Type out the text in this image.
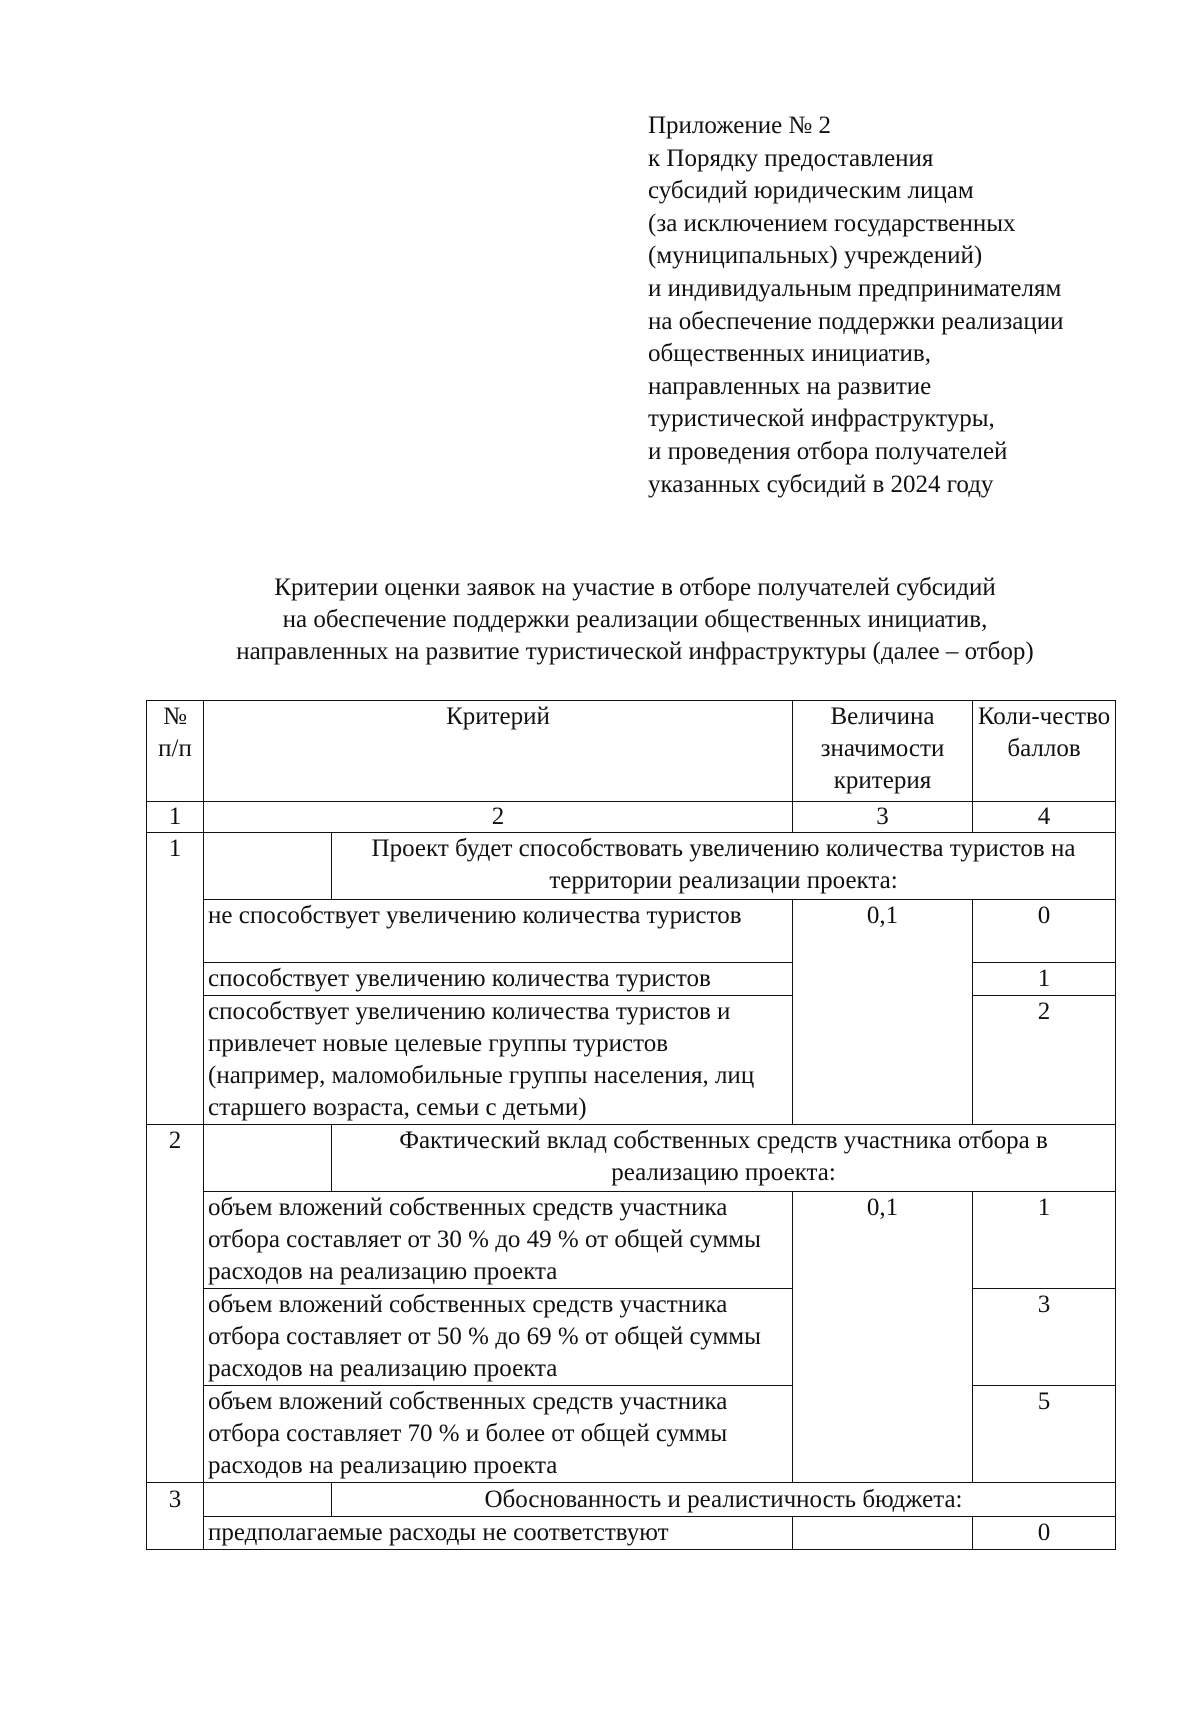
Приложение № 2
к Порядку предоставления
субсидий юридическим лицам
(за исключением государственных
(муниципальных) учреждений)
и индивидуальным предпринимателям
на обеспечение поддержки реализации
общественных инициатив,
направленных на развитие
туристической инфраструктуры,
и проведения отбора получателей
указанных субсидий в 2024 году
Критерии оценки заявок на участие в отборе получателей субсидий
на обеспечение поддержки реализации общественных инициатив,
направленных на развитие туристической инфраструктуры (далее – отбор)
№ п/п	Критерий		Величина значимости критерия	Коли-чество баллов
1	2		3	4
1		Проект будет способствовать увеличению количества туристов на территории реализации проекта:		
	не способствует увеличению количества туристов		0,1	0
	способствует увеличению количества туристов			1
	способствует увеличению количества туристов и привлечет новые целевые группы туристов (например, маломобильные группы населения, лиц старшего возраста, семьи с детьми)			2
2		Фактический вклад собственных средств участника отбора в реализацию проекта:		
	объем вложений собственных средств участника отбора составляет от 30 % до 49 % от общей суммы расходов на реализацию проекта		0,1	1
	объем вложений собственных средств участника отбора составляет от 50 % до 69 % от общей суммы расходов на реализацию проекта			3
	объем вложений собственных средств участника отбора составляет 70 % и более от общей суммы расходов на реализацию проекта			5
3		Обоснованность и реалистичность бюджета:		
	предполагаемые расходы не соответствуют			0
